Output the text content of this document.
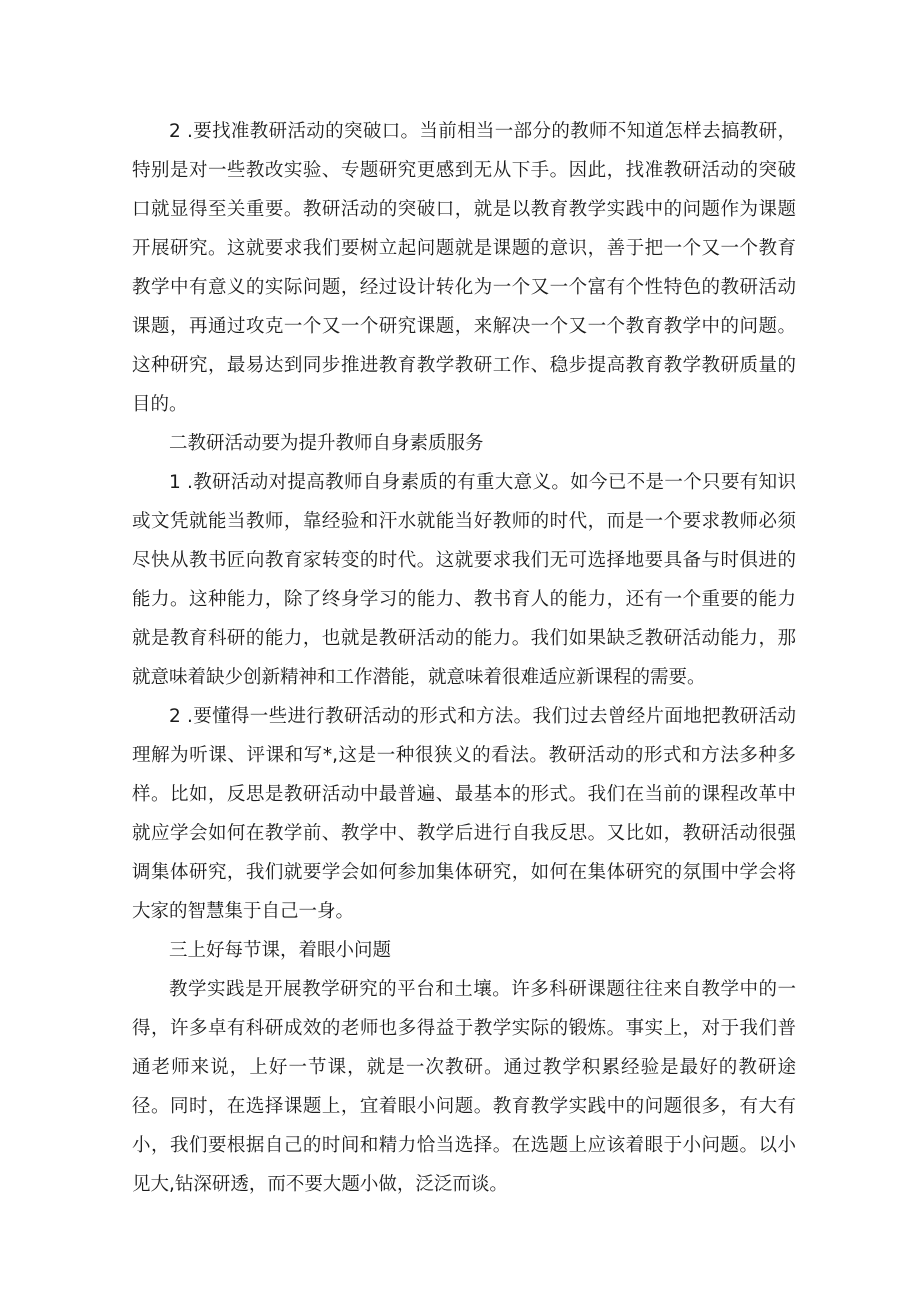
2 .要找准教研活动的突破口。当前相当一部分的教师不知道怎样去搞教研，特别是对一些教改实验、专题研究更感到无从下手。因此，找准教研活动的突破口就显得至关重要。教研活动的突破口，就是以教育教学实践中的问题作为课题开展研究。这就要求我们要树立起问题就是课题的意识，善于把一个又一个教育教学中有意义的实际问题，经过设计转化为一个又一个富有个性特色的教研活动课题，再通过攻克一个又一个研究课题，来解决一个又一个教育教学中的问题。这种研究，最易达到同步推进教育教学教研工作、稳步提高教育教学教研质量的目的。

二教研活动要为提升教师自身素质服务

1 .教研活动对提高教师自身素质的有重大意义。如今已不是一个只要有知识或文凭就能当教师，靠经验和汗水就能当好教师的时代，而是一个要求教师必须尽快从教书匠向教育家转变的时代。这就要求我们无可选择地要具备与时俱进的能力。这种能力，除了终身学习的能力、教书育人的能力，还有一个重要的能力就是教育科研的能力，也就是教研活动的能力。我们如果缺乏教研活动能力，那就意味着缺少创新精神和工作潜能，就意味着很难适应新课程的需要。

2 .要懂得一些进行教研活动的形式和方法。我们过去曾经片面地把教研活动理解为听课、评课和写*,这是一种很狭义的看法。教研活动的形式和方法多种多样。比如，反思是教研活动中最普遍、最基本的形式。我们在当前的课程改革中就应学会如何在教学前、教学中、教学后进行自我反思。又比如，教研活动很强调集体研究，我们就要学会如何参加集体研究，如何在集体研究的氛围中学会将大家的智慧集于自己一身。

三上好每节课，着眼小问题

教学实践是开展教学研究的平台和土壤。许多科研课题往往来自教学中的一得，许多卓有科研成效的老师也多得益于教学实际的锻炼。事实上，对于我们普通老师来说，上好一节课，就是一次教研。通过教学积累经验是最好的教研途径。同时，在选择课题上，宜着眼小问题。教育教学实践中的问题很多，有大有小，我们要根据自己的时间和精力恰当选择。在选题上应该着眼于小问题。以小见大,钻深研透，而不要大题小做，泛泛而谈。
